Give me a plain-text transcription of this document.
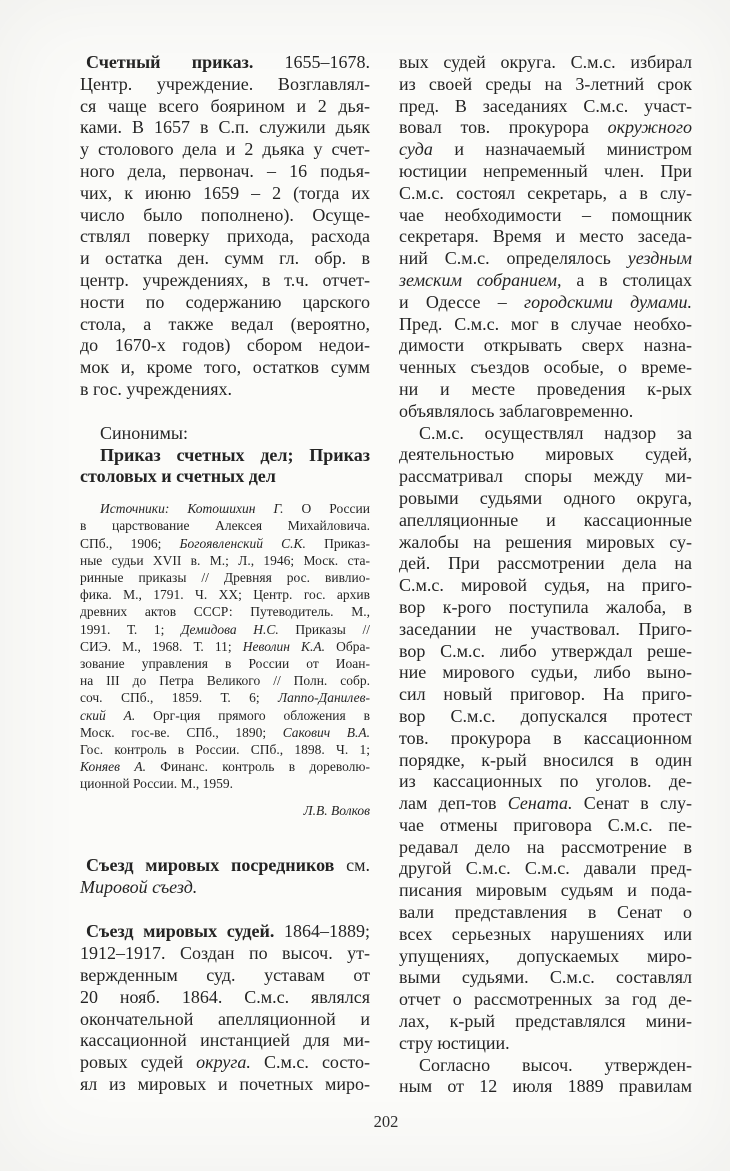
Счетный приказ. 1655–1678.
Центр. учреждение. Возглавлял-
ся чаще всего боярином и 2 дья-
ками. В 1657 в С.п. служили дьяк
у столового дела и 2 дьяка у счет-
ного дела, первонач. – 16 подья-
чих, к июню 1659 – 2 (тогда их
число было пополнено). Осуще-
ствлял поверку прихода, расхода
и остатка ден. сумм гл. обр. в
центр. учреждениях, в т.ч. отчет-
ности по содержанию царского
стола, а также ведал (вероятно,
до 1670-х годов) сбором недои-
мок и, кроме того, остатков сумм
в гос. учреждениях.
Синонимы:
Приказ счетных дел; Приказ
столовых и счетных дел
Источники: Котошихин Г. О России
в царствование Алексея Михайловича.
СПб., 1906; Богоявленский С.К. Приказ-
ные судьи XVII в. М.; Л., 1946; Моск. ста-
ринные приказы // Древняя рос. вивлио-
фика. М., 1791. Ч. XX; Центр. гос. архив
древних актов СССР: Путеводитель. М.,
1991. Т. 1; Демидова Н.С. Приказы //
СИЭ. М., 1968. Т. 11; Неволин К.А. Обра-
зование управления в России от Иоан-
на III до Петра Великого // Полн. собр.
соч. СПб., 1859. Т. 6; Лаппо-Данилев-
ский А. Орг-ция прямого обложения в
Моск. гос-ве. СПб., 1890; Сакович В.А.
Гос. контроль в России. СПб., 1898. Ч. 1;
Коняев А. Финанс. контроль в дореволю-
ционной России. М., 1959.
Л.В. Волков
Съезд мировых посредников см.
Мировой съезд.
Съезд мировых судей. 1864–1889;
1912–1917. Создан по высоч. ут-
вержденным суд. уставам от
20 нояб. 1864. С.м.с. являлся
окончательной апелляционной и
кассационной инстанцией для ми-
ровых судей округа. С.м.с. состо-
ял из мировых и почетных миро-
вых судей округа. С.м.с. избирал
из своей среды на 3-летний срок
пред. В заседаниях С.м.с. участ-
вовал тов. прокурора окружного
суда и назначаемый министром
юстиции непременный член. При
С.м.с. состоял секретарь, а в слу-
чае необходимости – помощник
секретаря. Время и место заседа-
ний С.м.с. определялось уездным
земским собранием, а в столицах
и Одессе – городскими думами.
Пред. С.м.с. мог в случае необхо-
димости открывать сверх назна-
ченных съездов особые, о време-
ни и месте проведения к-рых
объявлялось заблаговременно.
С.м.с. осуществлял надзор за
деятельностью мировых судей,
рассматривал споры между ми-
ровыми судьями одного округа,
апелляционные и кассационные
жалобы на решения мировых су-
дей. При рассмотрении дела на
С.м.с. мировой судья, на приго-
вор к-рого поступила жалоба, в
заседании не участвовал. Приго-
вор С.м.с. либо утверждал реше-
ние мирового судьи, либо выно-
сил новый приговор. На приго-
вор С.м.с. допускался протест
тов. прокурора в кассационном
порядке, к-рый вносился в один
из кассационных по уголов. де-
лам деп-тов Сената. Сенат в слу-
чае отмены приговора С.м.с. пе-
редавал дело на рассмотрение в
другой С.м.с. С.м.с. давали пред-
писания мировым судьям и пода-
вали представления в Сенат о
всех серьезных нарушениях или
упущениях, допускаемых миро-
выми судьями. С.м.с. составлял
отчет о рассмотренных за год де-
лах, к-рый представлялся мини-
стру юстиции.
Согласно высоч. утвержден-
ным от 12 июля 1889 правилам
202
